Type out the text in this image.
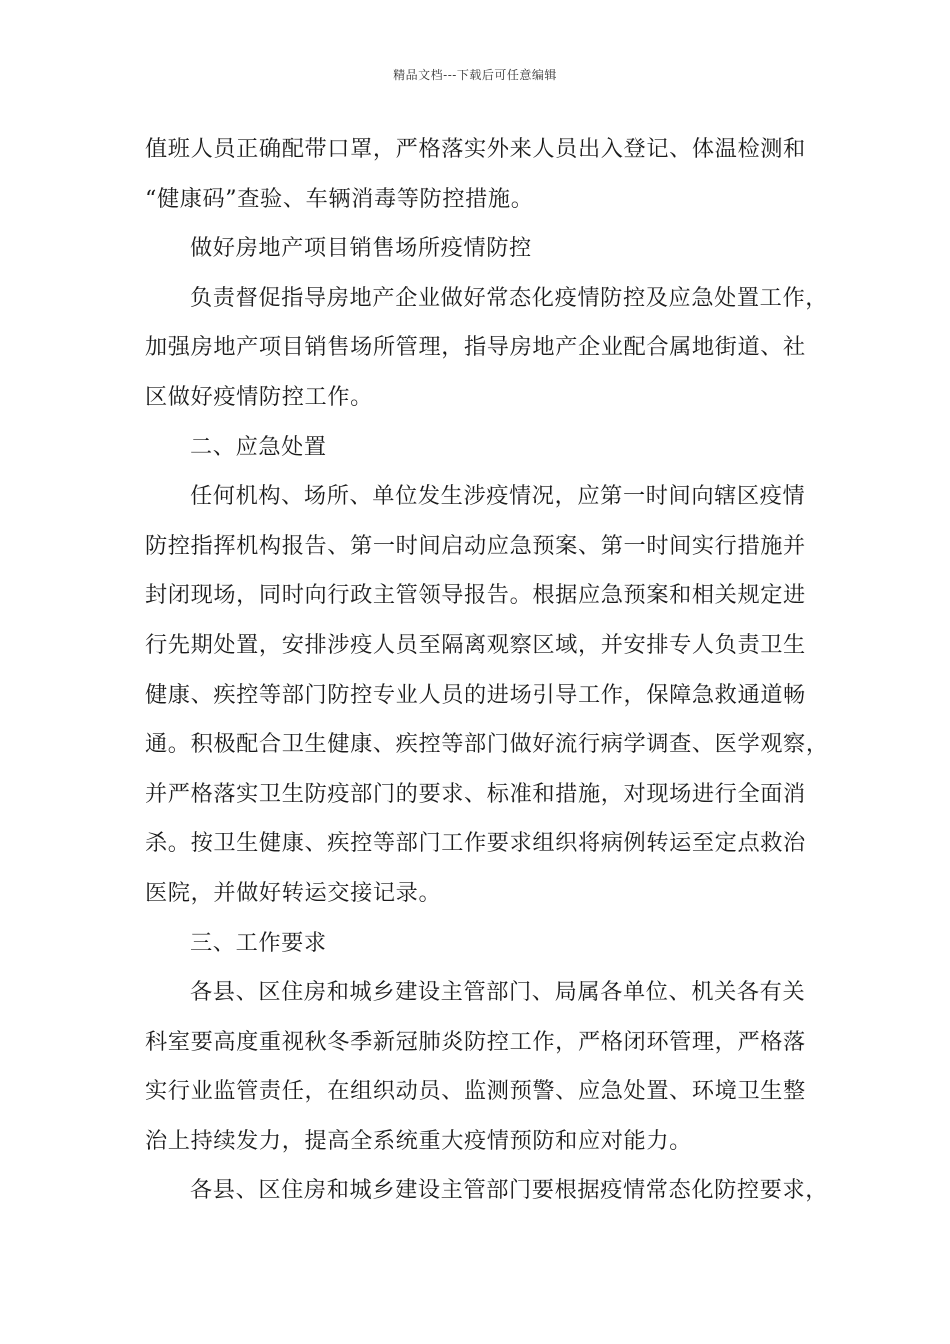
精品文档---下载后可任意编辑

值班人员正确配带口罩，严格落实外来人员出入登记、体温检测和
“健康码”查验、车辆消毒等防控措施。
做好房地产项目销售场所疫情防控
负责督促指导房地产企业做好常态化疫情防控及应急处置工作，
加强房地产项目销售场所管理，指导房地产企业配合属地街道、社
区做好疫情防控工作。
二、应急处置
任何机构、场所、单位发生涉疫情况，应第一时间向辖区疫情
防控指挥机构报告、第一时间启动应急预案、第一时间实行措施并
封闭现场，同时向行政主管领导报告。根据应急预案和相关规定进
行先期处置，安排涉疫人员至隔离观察区域，并安排专人负责卫生
健康、疾控等部门防控专业人员的进场引导工作，保障急救通道畅
通。积极配合卫生健康、疾控等部门做好流行病学调查、医学观察，
并严格落实卫生防疫部门的要求、标准和措施，对现场进行全面消
杀。按卫生健康、疾控等部门工作要求组织将病例转运至定点救治
医院，并做好转运交接记录。
三、工作要求
各县、区住房和城乡建设主管部门、局属各单位、机关各有关
科室要高度重视秋冬季新冠肺炎防控工作，严格闭环管理，严格落
实行业监管责任，在组织动员、监测预警、应急处置、环境卫生整
治上持续发力，提高全系统重大疫情预防和应对能力。
各县、区住房和城乡建设主管部门要根据疫情常态化防控要求，
